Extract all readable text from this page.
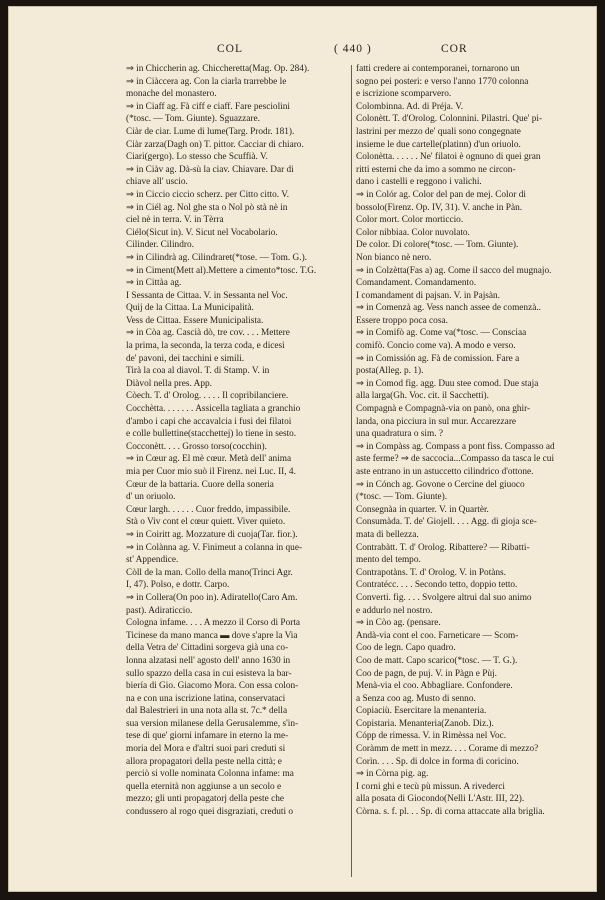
COL	( 440 )	COR
⇒ in Chiccherin ag. Chiccheretta(Mag. Op. 284).
⇒ in Ciàccera ag. Con la ciarla trarrebbe le
monache del monastero.
⇒ in Ciaff ag. Fà ciff e ciaff. Fare pesciolini
(*tosc. — Tom. Giunte). Sguazzare.
Ciàr de ciar. Lume di lume(Targ. Prodr. 181).
Ciàr zarza(Dagh on) T. pittor. Cacciar di chiaro.
Ciari(gergo). Lo stesso che Scuffià. V.
⇒ in Ciàv ag. Dà-sù la ciav. Chiavare. Dar di
chiave all' uscio.
⇒ in Ciccio ciccio scherz. per Citto citto. V.
⇒ in Ciél ag. Nol ghe sta o Nol pò stà nè in
ciel nè in terra. V. in Tèrra
Ciélo(Sicut in). V. Sicut nel Vocabolario.
Cilinder. Cilindro.
⇒ in Cilindrà ag. Cilindraret(*tose. — Tom. G.).
⇒ in Ciment(Mett al).Mettere a cimento*tosc. T.G.
⇒ in Cittàa ag.
I Sessanta de Cittaa. V. in Sessanta nel Voc.
Quij de la Cittaa. La Municipalità.
Vess de Cittaa. Essere Municipalista.
⇒ in Còa ag. Cascià dò, tre cov. . . . Mettere
la prima, la seconda, la terza coda, e dicesi
de' pavoni, dei tacchini e simili.
Tirà la coa al diavol. T. di Stamp. V. in
Diàvol nella pres. App.
Còech. T. d' Orolog. . . . . Il copribilanciere.
Cocchètta. . . . . . . Assicella tagliata a granchio
d'ambo i capi che accavalcia i fusi dei filatoi
e colle bullettine(stacchettej) lo tiene in sesto.
Cocconètt. . . . Grosso torso(cocchin).
⇒ in Cœur ag. El mè cœur. Metà dell' anima
mia per Cuor mio suò il Firenz. nei Luc. II, 4.
Cœur de la battaria. Cuore della soneria
d' un oriuolo.
Cœur largh. . . . . . Cuor freddo, impassibile.
Stà o Viv cont el cœur quiett. Viver quieto.
⇒ in Coiritt ag. Mozzature di cuoja(Tar. fior.).
⇒ in Colànna ag. V. Finimeut a colanna in que-
st' Appendice.
Còll de la man. Collo della mano(Trinci Agr.
I, 47). Polso, e dottr. Carpo.
⇒ in Collera(On poo in). Adiratello(Caro Am.
past). Adiraticcio.
Cologna infame. . . . A mezzo il Corso di Porta
Ticinese da mano manca ▬ dove s'apre la Via
della Vetra de' Cittadini sorgeva già una co-
lonna alzatasi nell' agosto dell' anno 1630 in
sullo spazzo della casa in cui esisteva la bar-
biería di Gio. Giacomo Mora. Con essa colon-
na e con una iscrizione latina, conservataci
dal Balestrieri in una nota alla st. 7c.* della
sua version milanese della Gerusalemme, s'in-
tese di que' giorni infamare in eterno la me-
moria del Mora e d'altri suoi pari creduti si
allora propagatori della peste nella città; e
perciò si volle nominata Colonna infame: ma
quella eternità non aggiunse a un secolo e
mezzo; gli unti propagatorj della peste che
condussero al rogo quei disgraziati, creduti o
fatti credere ai contemporanei, tornarono un
sogno pei posteri: e verso l'anno 1770 colonna
e iscrizione scomparvero.
Colombinna. Ad. di Préja. V.
Colonètt. T. d'Orolog. Colonnini. Pilastri. Que' pi-
lastrini per mezzo de' quali sono congegnate
insieme le due cartelle(platinn) d'un oriuolo.
Colonètta. . . . . . Ne' filatoi è ognuno di quei gran
ritti esterni che da imo a sommo ne circon-
dano i castelli e reggono i valichi.
⇒ in Colór ag. Color del pan de mej. Color di
bossolo(Firenz. Op. IV, 31). V. anche in Pàn.
Color mort. Color morticcio.
Color nibbiaa. Color nuvolato.
De color. Di colore(*tosc. — Tom. Giunte).
Non bianco nè nero.
⇒ in Colzètta(Fas a) ag. Come il sacco del mugnajo.
Comandament. Comandamento.
I comandament di pajsan. V. in Pajsàn.
⇒ in Comenzà ag. Vess nanch assee de comenzà..
Essere troppo poca cosa.
⇒ in Comifò ag. Come va(*tosc. — Consciaa
comifò. Concio come va). A modo e verso.
⇒ in Comissión ag. Fà de comission. Fare a
posta(Alleg. p. 1).
⇒ in Comod fig. agg. Duu stee comod. Due staja
alla larga(Gh. Voc. cit. il Sacchetti).
Compagnà e Compagnà-via on panò, ona ghir-
landa, ona picciura in sul mur. Accarezzare
una quadratura o sim. ?
⇒ in Compàss ag. Compass a pont fiss. Compasso ad
aste ferme? ⇒ de saccocia...Compasso da tasca le cui
aste entrano in un astuccetto cilindrico d'ottone.
⇒ in Cónch ag. Govone o Cercine del giuoco
(*tosc. — Tom. Giunte).
Consegnàa in quarter. V. in Quartèr.
Consumàda. T. de' Giojell. . . . Agg. di gioja sce-
mata di bellezza.
Contrabàtt. T. d' Orolog. Ribattere? — Ribatti-
mento del tempo.
Contrapotàns. T. d' Orolog. V. in Potàns.
Contratécc. . . . Secondo tetto, doppio tetto.
Converti. fig. . . . Svolgere altrui dal suo animo
e addurlo nel nostro.
⇒ in Còo ag. (pensare.
Andà-via cont el coo. Farneticare — Scom-
Coo de legn. Capo quadro.
Coo de matt. Capo scarico(*tosc. — T. G.).
Coo de pagn, de puj. V. in Pàgn e Pùj.
Menà-via el coo. Abbagliare. Confondere.
a Senza coo ag. Musto di senno.
Copiaciù. Esercitare la menanteria.
Copistaria. Menanteria(Zanob. Diz.).
Cópp de rimessa. V. in Rimèssa nel Voc.
Coràmm de mett in mezz. . . . Corame di mezzo?
Corìn. . . . Sp. di dolce in forma di coricino.
⇒ in Còrna pig. ag.
I corni ghi e tecù pù missun. A rivederci
alla posata di Giocondo(Nelli L'Astr. III, 22).
Còrna. s. f. pl. . . Sp. di corna attaccate alla briglia.
